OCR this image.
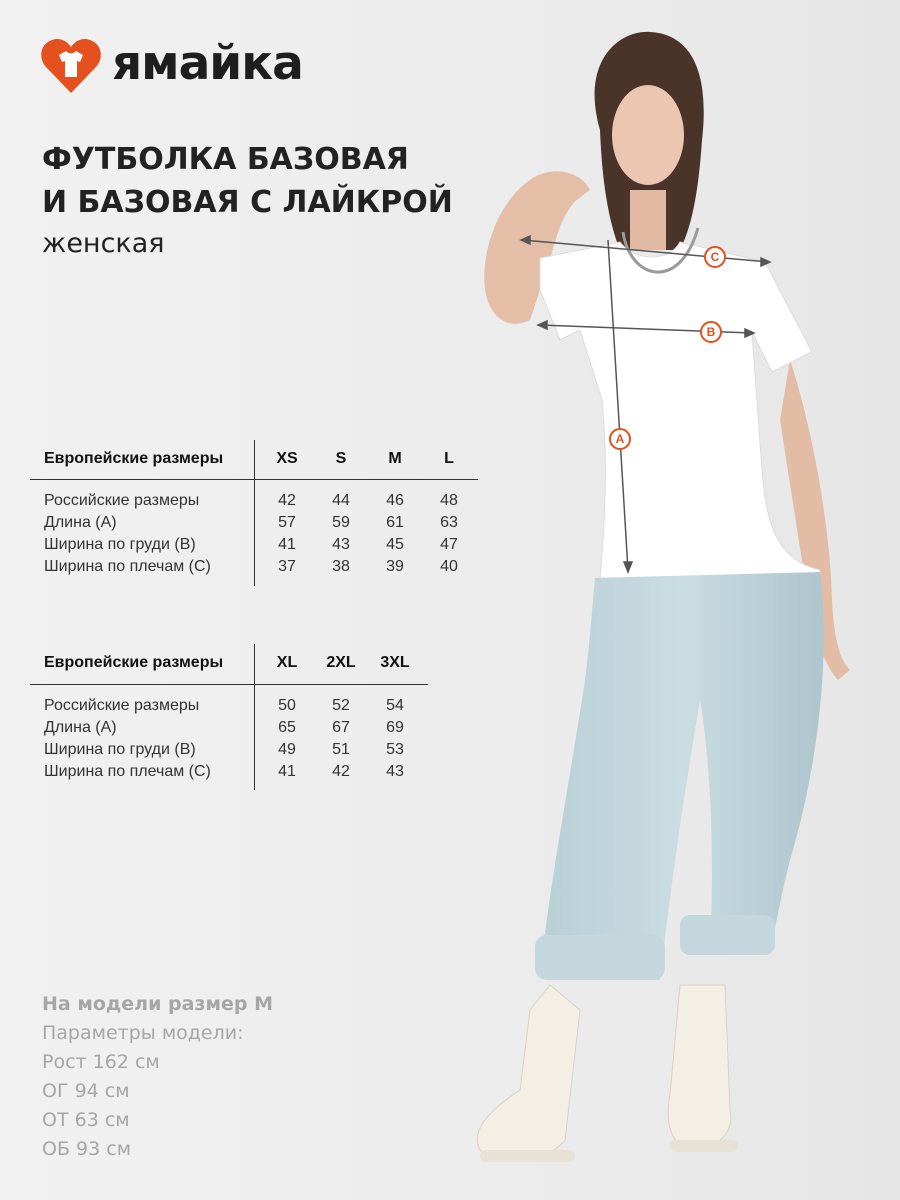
ямайка
ФУТБОЛКА БАЗОВАЯ
И БАЗОВАЯ С ЛАЙКРОЙ
женская
Европейские размеры	XS	S	M	L
Российские размеры	42	44	46	48
Длина (А)	57	59	61	63
Ширина по груди (В)	41	43	45	47
Ширина по плечам (С)	37	38	39	40
Европейские размеры	XL	2XL	3XL
Российские размеры	50	52	54
Длина (А)	65	67	69
Ширина по груди (В)	49	51	53
Ширина по плечам (С)	41	42	43
На модели размер M
Параметры модели:
Рост 162 см
ОГ 94 см
ОТ 63 см
ОБ 93 см
C
B
A
